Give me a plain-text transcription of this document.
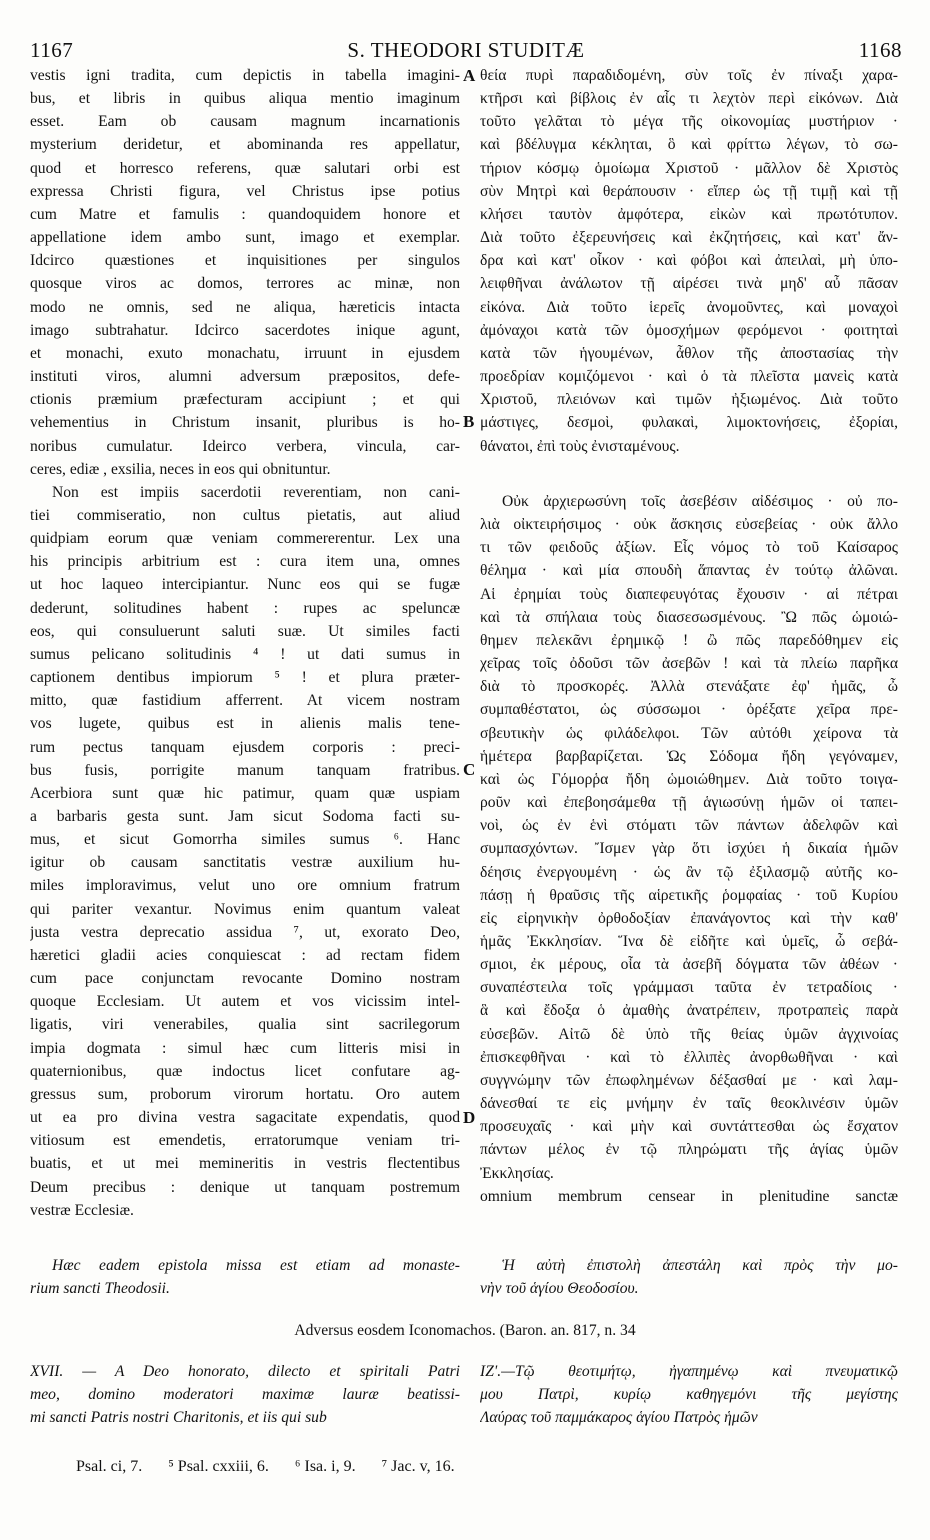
1167	S. THEODORI STUDITÆ	1168
vestis igni tradita, cum depictis in tabella imagini-
bus, et libris in quibus aliqua mentio imaginum
esset. Eam ob causam magnum incarnationis
mysterium deridetur, et abominanda res appellatur,
quod et horresco referens, quæ salutari orbi est
expressa Christi figura, vel Christus ipse potius
cum Matre et famulis : quandoquidem honore et
appellatione idem ambo sunt, imago et exemplar.
Idcirco quæstiones et inquisitiones per singulos
quosque viros ac domos, terrores ac minæ, non
modo ne omnis, sed ne aliqua, hæreticis intacta
imago subtrahatur. Idcirco sacerdotes inique agunt,
et monachi, exuto monachatu, irruunt in ejusdem
instituti viros, alumni adversum præpositos, defe-
ctionis præmium præfecturam accipiunt ; et qui
vehementius in Christum insanit, pluribus is ho-
noribus cumulatur. Ideirco verbera, vincula, car-
ceres, ediæ , exsilia, neces in eos qui obnituntur.
Non est impiis sacerdotii reverentiam, non cani-
tiei commiseratio, non cultus pietatis, aut aliud
quidpiam eorum quæ veniam commererentur. Lex una
his principis arbitrium est : cura item una, omnes
ut hoc laqueo intercipiantur. Nunc eos qui se fugæ
dederunt, solitudines habent : rupes ac speluncæ
eos, qui consuluerunt saluti suæ. Ut similes facti
sumus pelicano solitudinis ⁴ ! ut dati sumus in
captionem dentibus impiorum ⁵ ! et plura præter-
mitto, quæ fastidium afferrent. At vicem nostram
vos lugete, quibus est in alienis malis tene-
rum pectus tanquam ejusdem corporis : preci-
bus fusis, porrigite manum tanquam fratribus.
Acerbiora sunt quæ hic patimur, quam quæ uspiam
a barbaris gesta sunt. Jam sicut Sodoma facti su-
mus, et sicut Gomorrha similes sumus ⁶. Hanc
igitur ob causam sanctitatis vestræ auxilium hu-
miles imploravimus, velut uno ore omnium fratrum
qui pariter vexantur. Novimus enim quantum valeat
justa vestra deprecatio assidua ⁷, ut, exorato Deo,
hæretici gladii acies conquiescat : ad rectam fidem
cum pace conjunctam revocante Domino nostram
quoque Ecclesiam. Ut autem et vos vicissim intel-
ligatis, viri venerabiles, qualia sint sacrilegorum
impia dogmata : simul hæc cum litteris misi in
quaternionibus, quæ indoctus licet confutare ag-
gressus sum, proborum virorum hortatu. Oro autem
ut ea pro divina vestra sagacitate expendatis, quod
vitiosum est emendetis, erratorumque veniam tri-
buatis, et ut mei memineritis in vestris flectentibus
Deum precibus : denique ut tanquam postremum
vestræ Ecclesiæ.
Hæc eadem epistola missa est etiam ad monaste-
rium sancti Theodosii.
θεία πυρὶ παραδιδομένη, σὺν τοῖς ἐν πίναξι χαρα-
κτῆρσι καὶ βίβλοις ἐν αἷς τι λεχτὸν περὶ εἰκόνων. Διὰ
τοῦτο γελᾶται τὸ μέγα τῆς οἰκονομίας μυστήριον ·
καὶ βδέλυγμα κέκληται, ὃ καὶ φρίττω λέγων, τὸ σω-
τήριον κόσμῳ ὁμοίωμα Χριστοῦ · μᾶλλον δὲ Χριστὸς
σὺν Μητρὶ καὶ θεράπουσιν · εἴπερ ὡς τῇ τιμῇ καὶ τῇ
κλήσει ταυτὸν ἀμφότερα, εἰκὼν καὶ πρωτότυπον.
Διὰ τοῦτο ἐξερευνήσεις καὶ ἐκζητήσεις, καὶ κατ' ἄν-
δρα καὶ κατ' οἶκον · καὶ φόβοι καὶ ἀπειλαὶ, μὴ ὑπο-
λειφθῆναι ἀνάλωτον τῇ αἱρέσει τινὰ μηδ' αὖ πᾶσαν
εἰκόνα. Διὰ τοῦτο ἱερεῖς ἀνομοῦντες, καὶ μοναχοὶ
ἀμόναχοι κατὰ τῶν ὁμοσχήμων φερόμενοι · φοιτηταὶ
κατὰ τῶν ἡγουμένων, ἆθλον τῆς ἀποστασίας τὴν
προεδρίαν κομιζόμενοι · καὶ ὁ τὰ πλεῖστα μανεὶς κατὰ
Χριστοῦ, πλειόνων καὶ τιμῶν ἠξιωμένος. Διὰ τοῦτο
μάστιγες, δεσμοὶ, φυλακαὶ, λιμοκτονήσεις, ἐξορίαι,
θάνατοι, ἐπὶ τοὺς ἐνισταμένους.
Οὐκ ἀρχιερωσύνη τοῖς ἀσεβέσιν αἰδέσιμος · οὐ πο-
λιὰ οἰκτειρήσιμος · οὐκ ἄσκησις εὐσεβείας · οὐκ ἄλλο
τι τῶν φειδοῦς ἀξίων. Εἷς νόμος τὸ τοῦ Καίσαρος
θέλημα · καὶ μία σπουδὴ ἅπαντας ἐν τούτῳ ἀλῶναι.
Αἱ ἐρημίαι τοὺς διαπεφευγότας ἔχουσιν · αἱ πέτραι
καὶ τὰ σπήλαια τοὺς διασεσωσμένους. Ὢ πῶς ὡμοιώ-
θημεν πελεκᾶνι ἐρημικῷ ! ὢ πῶς παρεδόθημεν εἰς
χεῖρας τοῖς ὀδοῦσι τῶν ἀσεβῶν ! καὶ τὰ πλείω παρῆκα
διὰ τὸ προσκορές. Ἀλλὰ στενάξατε ἐφ' ἡμᾶς, ὦ
συμπαθέστατοι, ὡς σύσσωμοι · ὀρέξατε χεῖρα πρε-
σβευτικὴν ὡς φιλάδελφοι. Τῶν αὐτόθι χείρονα τὰ
ἡμέτερα βαρβαρίζεται. Ὡς Σόδομα ἤδη γεγόναμεν,
καὶ ὡς Γόμορῥα ἤδη ὡμοιώθημεν. Διὰ τοῦτο τοιγα-
ροῦν καὶ ἐπεβοησάμεθα τῇ ἁγιωσύνῃ ἡμῶν οἱ ταπει-
νοὶ, ὡς ἐν ἑνὶ στόματι τῶν πάντων ἀδελφῶν καὶ
συμπασχόντων. Ἴσμεν γὰρ ὅτι ἰσχύει ἡ δικαία ἡμῶν
δέησις ἐνεργουμένη · ὡς ἂν τῷ ἐξιλασμῷ αὐτῆς κο-
πάσῃ ἡ θραῦσις τῆς αἱρετικῆς ῥομφαίας · τοῦ Κυρίου
εἰς εἰρηνικὴν ὀρθοδοξίαν ἐπανάγοντος καὶ τὴν καθ'
ἡμᾶς Ἐκκλησίαν. Ἵνα δὲ εἰδῆτε καὶ ὑμεῖς, ὦ σεβά-
σμιοι, ἐκ μέρους, οἷα τὰ ἀσεβῆ δόγματα τῶν ἀθέων ·
συναπέστειλα τοῖς γράμμασι ταῦτα ἐν τετραδίοις ·
ἃ καὶ ἔδοξα ὁ ἀμαθὴς ἀνατρέπειν, προτραπεὶς παρὰ
εὐσεβῶν. Αἰτῶ δὲ ὑπὸ τῆς θείας ὑμῶν ἀγχινοίας
ἐπισκεφθῆναι · καὶ τὸ ἐλλιπὲς ἀνορθωθῆναι · καὶ
συγγνώμην τῶν ἐπωφλημένων δέξασθαί με · καὶ λαμ-
δάνεσθαί τε εἰς μνήμην ἐν ταῖς θεοκλινέσιν ὑμῶν
προσευχαῖς · καὶ μὴν καὶ συντάττεσθαι ὡς ἔσχατον
πάντων μέλος ἐν τῷ πληρώματι τῆς ἁγίας ὑμῶν
Ἐκκλησίας.
omnium membrum censear in plenitudine sanctæ
Ἡ αὐτὴ ἐπιστολὴ ἀπεστάλη καὶ πρὸς τὴν μο-
νὴν τοῦ ἁγίου Θεοδοσίου.
A
B
C
D
Adversus eosdem Iconomachos. (Baron. an. 817, n. 34
XVII. — A Deo honorato, dilecto et spiritali Patri
meo, domino moderatori maximæ lauræ beatissi-
mi sancti Patris nostri Charitonis, et iis qui sub
ΙΖ'.—Τῷ θεοτιμήτῳ, ἠγαπημένῳ καὶ πνευματικῷ
μου Πατρὶ, κυρίῳ καθηγεμόνι τῆς μεγίστης
Λαύρας τοῦ παμμάκαρος ἁγίου Πατρὸς ἡμῶν
Psal. ci, 7. ⁵ Psal. cxxiii, 6. ⁶ Isa. i, 9. ⁷ Jac. v, 16.
